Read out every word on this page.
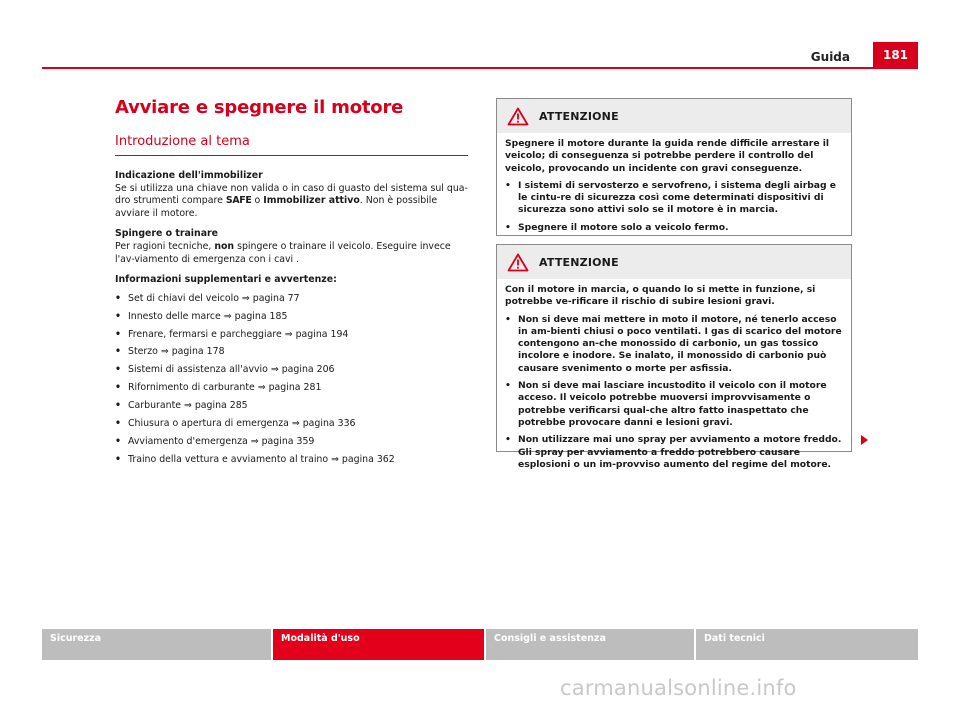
Guida	181
Avviare e spegnere il motore
Introduzione al tema
Indicazione dell'immobilizer
Se si utilizza una chiave non valida o in caso di guasto del sistema sul qua-dro strumenti compare SAFE o Immobilizer attivo. Non è possibile avviare il motore.
Spingere o trainare
Per ragioni tecniche, non spingere o trainare il veicolo. Eseguire invece l'av-viamento di emergenza con i cavi .
Informazioni supplementari e avvertenze:
• Set di chiavi del veicolo ⇒ pagina 77
• Innesto delle marce ⇒ pagina 185
• Frenare, fermarsi e parcheggiare ⇒ pagina 194
• Sterzo ⇒ pagina 178
• Sistemi di assistenza all'avvio ⇒ pagina 206
• Rifornimento di carburante ⇒ pagina 281
• Carburante ⇒ pagina 285
• Chiusura o apertura di emergenza ⇒ pagina 336
• Avviamento d'emergenza ⇒ pagina 359
• Traino della vettura e avviamento al traino ⇒ pagina 362
ATTENZIONE
Spegnere il motore durante la guida rende difficile arrestare il veicolo; di conseguenza si potrebbe perdere il controllo del veicolo, provocando un incidente con gravi conseguenze.
• I sistemi di servosterzo e servofreno, i sistema degli airbag e le cintu-re di sicurezza così come determinati dispositivi di sicurezza sono attivi solo se il motore è in marcia.
• Spegnere il motore solo a veicolo fermo.
ATTENZIONE
Con il motore in marcia, o quando lo si mette in funzione, si potrebbe ve-rificare il rischio di subire lesioni gravi.
• Non si deve mai mettere in moto il motore, né tenerlo acceso in am-bienti chiusi o poco ventilati. I gas di scarico del motore contengono an-che monossido di carbonio, un gas tossico incolore e inodore. Se inalato, il monossido di carbonio può causare svenimento o morte per asfissia.
• Non si deve mai lasciare incustodito il veicolo con il motore acceso. Il veicolo potrebbe muoversi improvvisamente o potrebbe verificarsi qual-che altro fatto inaspettato che potrebbe provocare danni e lesioni gravi.
• Non utilizzare mai uno spray per avviamento a motore freddo. Gli spray per avviamento a freddo potrebbero causare esplosioni o un im-provviso aumento del regime del motore.
Sicurezza	Modalità d'uso	Consigli e assistenza	Dati tecnici
carmanualsonline.info
